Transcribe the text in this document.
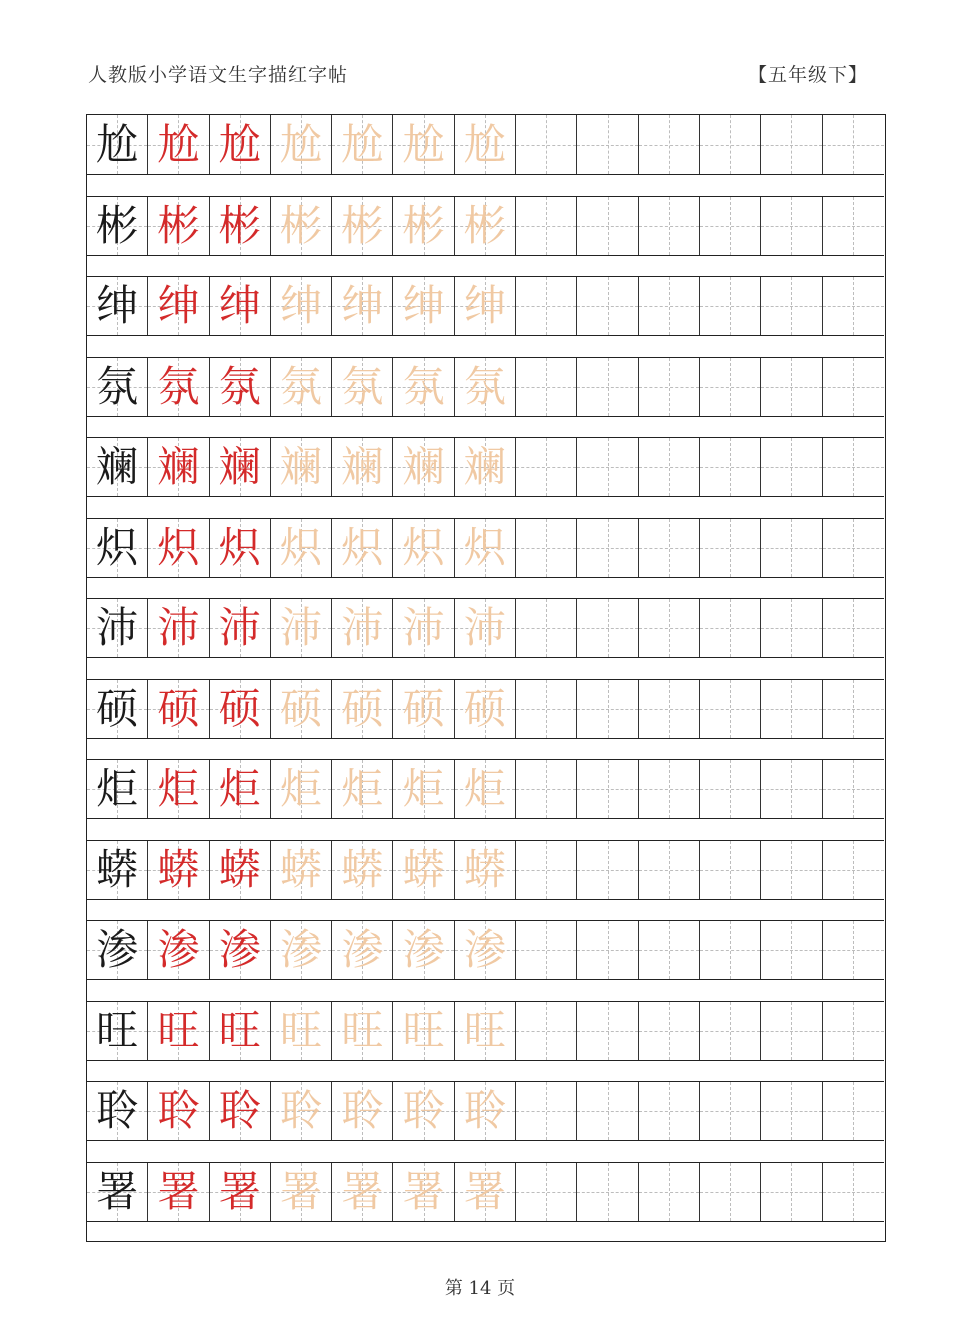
人教版小学语文生字描红字帖	【五年级下】
尬 尬 尬 尬 尬 尬 尬
彬 彬 彬 彬 彬 彬 彬
绅 绅 绅 绅 绅 绅 绅
氛 氛 氛 氛 氛 氛 氛
斓 斓 斓 斓 斓 斓 斓
炽 炽 炽 炽 炽 炽 炽
沛 沛 沛 沛 沛 沛 沛
硕 硕 硕 硕 硕 硕 硕
炬 炬 炬 炬 炬 炬 炬
蟒 蟒 蟒 蟒 蟒 蟒 蟒
渗 渗 渗 渗 渗 渗 渗
旺 旺 旺 旺 旺 旺 旺
聆 聆 聆 聆 聆 聆 聆
署 署 署 署 署 署 署
第 14 页
